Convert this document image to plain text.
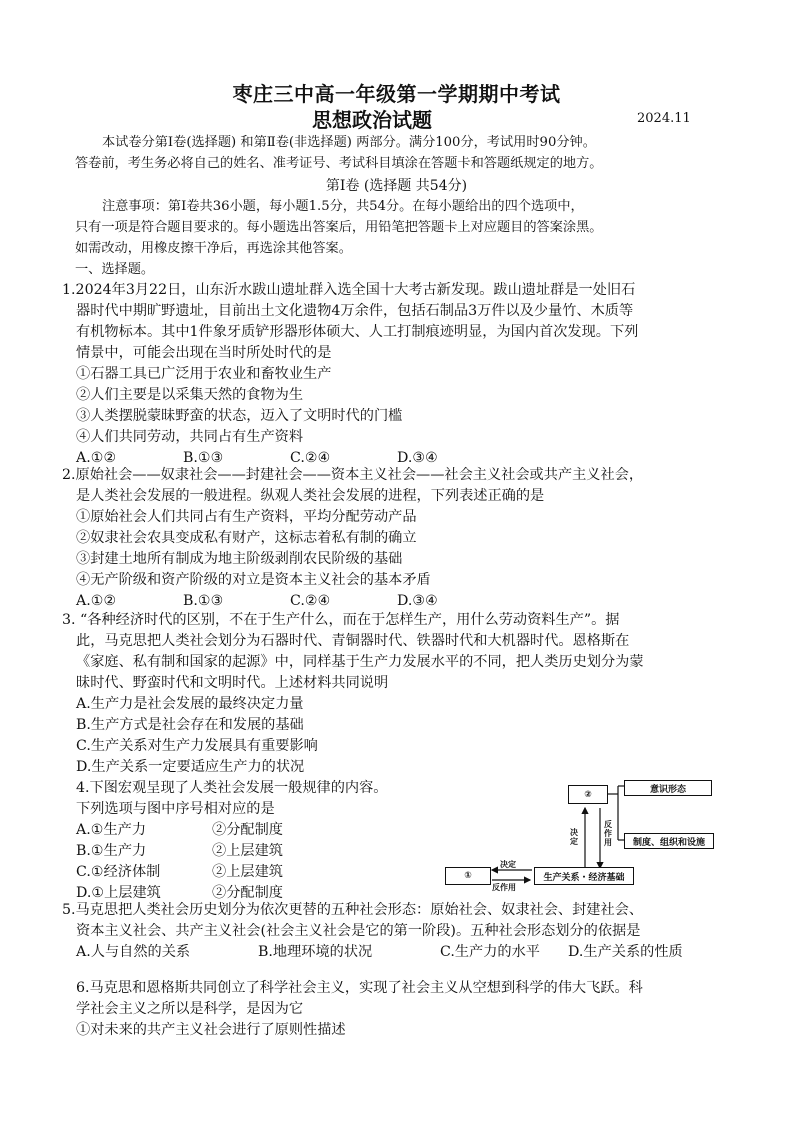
枣庄三中高一年级第一学期期中考试
思想政治试题	2024.11
本试卷分第Ⅰ卷(选择题) 和第Ⅱ卷(非选择题) 两部分。满分100分，考试用时90分钟。
答卷前，考生务必将自己的姓名、准考证号、考试科目填涂在答题卡和答题纸规定的地方。
第Ⅰ卷 (选择题 共54分)
注意事项：第Ⅰ卷共36小题，每小题1.5分，共54分。在每小题给出的四个选项中，
只有一项是符合题目要求的。每小题选出答案后，用铅笔把答题卡上对应题目的答案涂黑。
如需改动，用橡皮擦干净后，再选涂其他答案。
一、选择题。
1.2024年3月22日，山东沂水跋山遗址群入选全国十大考古新发现。跋山遗址群是一处旧石
器时代中期旷野遗址，目前出土文化遗物4万余件，包括石制品3万件以及少量竹、木质等
有机物标本。其中1件象牙质铲形器形体硕大、人工打制痕迹明显，为国内首次发现。下列
情景中，可能会出现在当时所处时代的是
①石器工具已广泛用于农业和畜牧业生产
②人们主要是以采集天然的食物为生
③人类摆脱蒙昧野蛮的状态，迈入了文明时代的门槛
④人们共同劳动，共同占有生产资料
A.①②	B.①③	C.②④	D.③④
2.原始社会——奴隶社会——封建社会——资本主义社会——社会主义社会或共产主义社会，
是人类社会发展的一般进程。纵观人类社会发展的进程，下列表述正确的是
①原始社会人们共同占有生产资料，平均分配劳动产品
②奴隶社会农具变成私有财产，这标志着私有制的确立
③封建土地所有制成为地主阶级剥削农民阶级的基础
④无产阶级和资产阶级的对立是资本主义社会的基本矛盾
A.①②	B.①③	C.②④	D.③④
3. “各种经济时代的区别，不在于生产什么，而在于怎样生产，用什么劳动资料生产”。据
此，马克思把人类社会划分为石器时代、青铜器时代、铁器时代和大机器时代。恩格斯在
《家庭、私有制和国家的起源》中，同样基于生产力发展水平的不同，把人类历史划分为蒙
昧时代、野蛮时代和文明时代。上述材料共同说明
A.生产力是社会发展的最终决定力量
B.生产方式是社会存在和发展的基础
C.生产关系对生产力发展具有重要影响
D.生产关系一定要适应生产力的状况
4.下图宏观呈现了人类社会发展一般规律的内容。
下列选项与图中序号相对应的是
A.①生产力	②分配制度
B.①生产力	②上层建筑
C.①经济体制	②上层建筑
D.①上层建筑	②分配制度
②	意识形态
制度、组织和设施
①	生产关系・经济基础
决定
反作用
决定
反作用
5.马克思把人类社会历史划分为依次更替的五种社会形态：原始社会、奴隶社会、封建社会、
资本主义社会、共产主义社会(社会主义社会是它的第一阶段)。五种社会形态划分的依据是
A.人与自然的关系	B.地理环境的状况	C.生产力的水平 D.生产关系的性质
6.马克思和恩格斯共同创立了科学社会主义，实现了社会主义从空想到科学的伟大飞跃。科
学社会主义之所以是科学，是因为它
①对未来的共产主义社会进行了原则性描述
